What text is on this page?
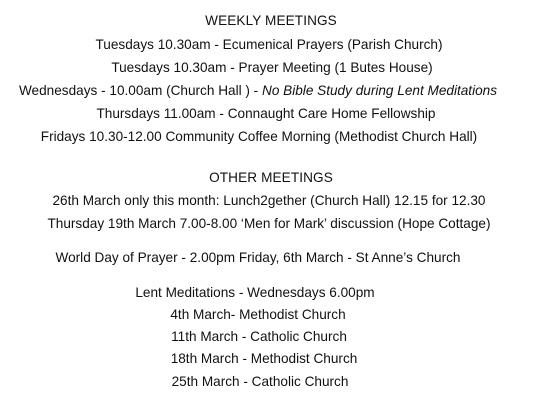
WEEKLY MEETINGS
Tuesdays 10.30am - Ecumenical Prayers (Parish Church)
Tuesdays 10.30am - Prayer Meeting (1 Butes House)
Wednesdays - 10.00am (Church Hall ) - No Bible Study during Lent Meditations
Thursdays 11.00am - Connaught Care Home Fellowship
Fridays 10.30-12.00 Community Coffee Morning (Methodist Church Hall)
OTHER MEETINGS
26th March only this month: Lunch2gether (Church Hall) 12.15 for 12.30
Thursday 19th March 7.00-8.00 ‘Men for Mark’ discussion (Hope Cottage)
World Day of Prayer - 2.00pm Friday, 6th March - St Anne’s Church
Lent Meditations - Wednesdays 6.00pm
4th March- Methodist Church
11th March - Catholic Church
18th March - Methodist Church
25th March - Catholic Church
